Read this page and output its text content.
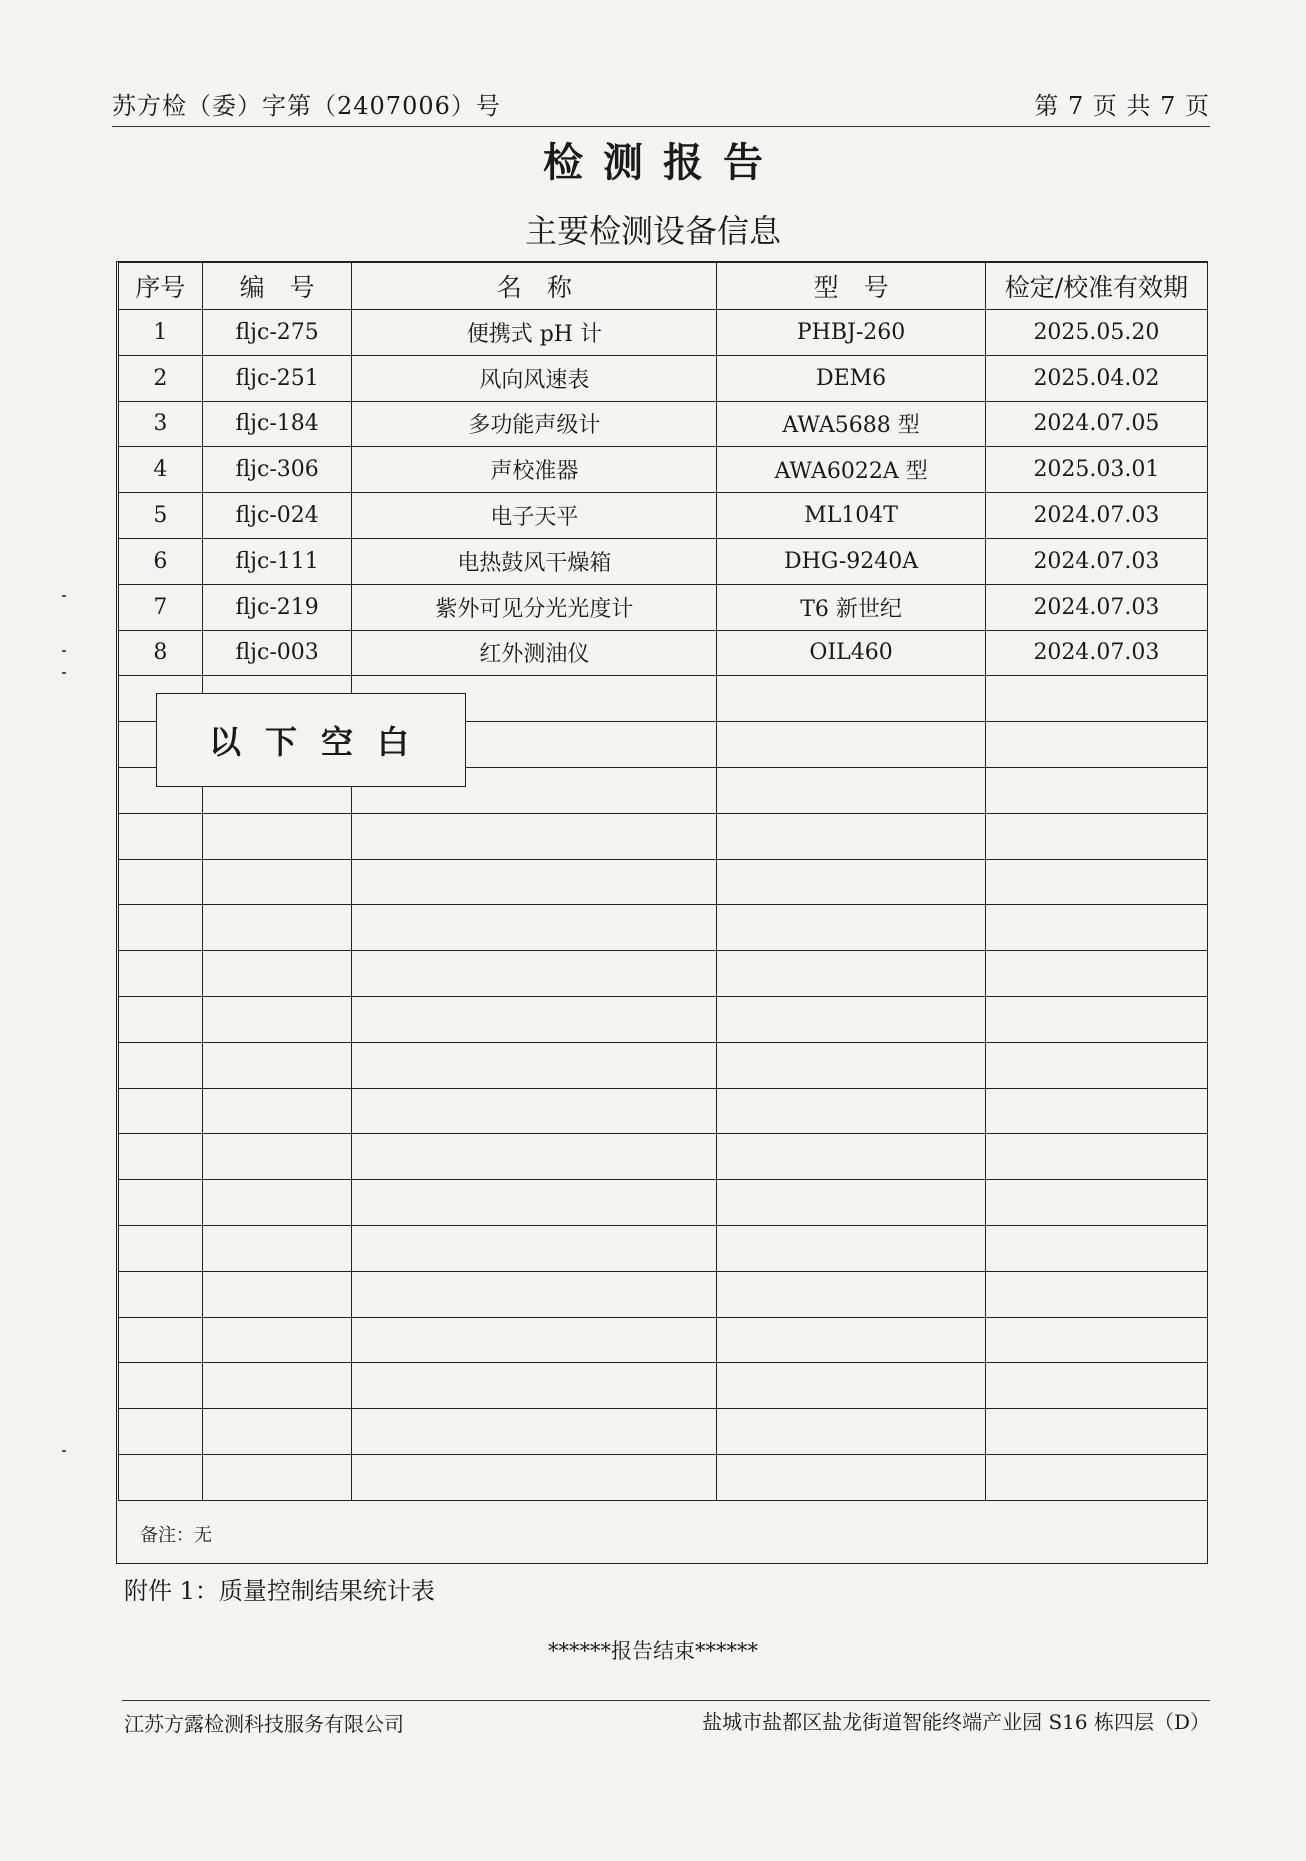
苏方检（委）字第（2407006）号	第 7 页 共 7 页
检测报告
主要检测设备信息
序号	编　号	名　称	型　号	检定/校准有效期
1	fljc-275	便携式 pH 计	PHBJ-260	2025.05.20
2	fljc-251	风向风速表	DEM6	2025.04.02
3	fljc-184	多功能声级计	AWA5688 型	2024.07.05
4	fljc-306	声校准器	AWA6022A 型	2025.03.01
5	fljc-024	电子天平	ML104T	2024.07.03
6	fljc-111	电热鼓风干燥箱	DHG-9240A	2024.07.03
7	fljc-219	紫外可见分光光度计	T6 新世纪	2024.07.03
8	fljc-003	红外测油仪	OIL460	2024.07.03

以下空白
备注：无
附件 1：质量控制结果统计表
******报告结束******
江苏方露检测科技服务有限公司	盐城市盐都区盐龙街道智能终端产业园 S16 栋四层（D）
